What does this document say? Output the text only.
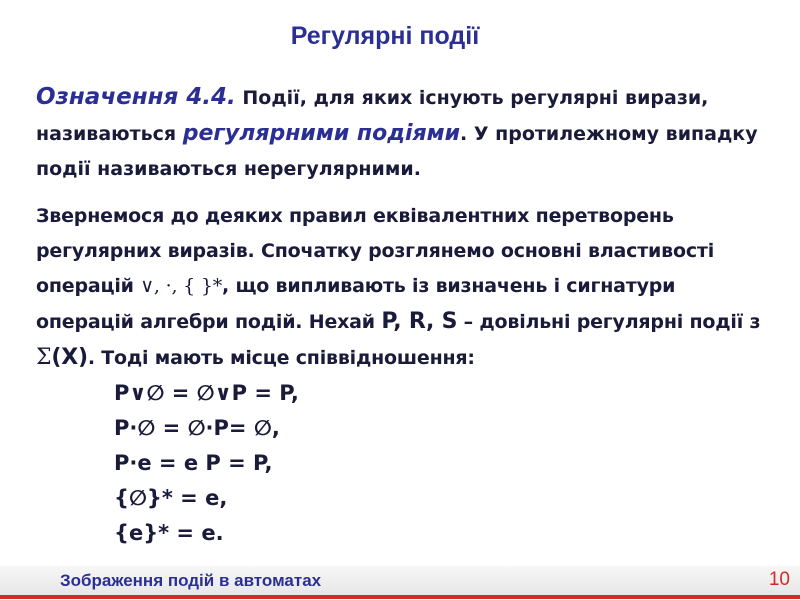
Регулярні події

Означення 4.4. Події, для яких існують регулярні вирази, називаються регулярними подіями. У протилежному випадку події називаються нерегулярними.

Звернемося до деяких правил еквівалентних перетворень регулярних виразів. Спочатку розглянемо основні властивості операцій ∨, ·, { }*, що випливають із визначень і сигнатури операцій алгебри подій. Нехай P, R, S – довільні регулярні події з Σ(X). Тоді мають місце співвідношення:

P∨∅ = ∅∨P = P,
P·∅ = ∅·P= ∅,
P·e = e P = P,
{∅}* = e,
{e}* = e.
Зображення подій в автоматах	10
